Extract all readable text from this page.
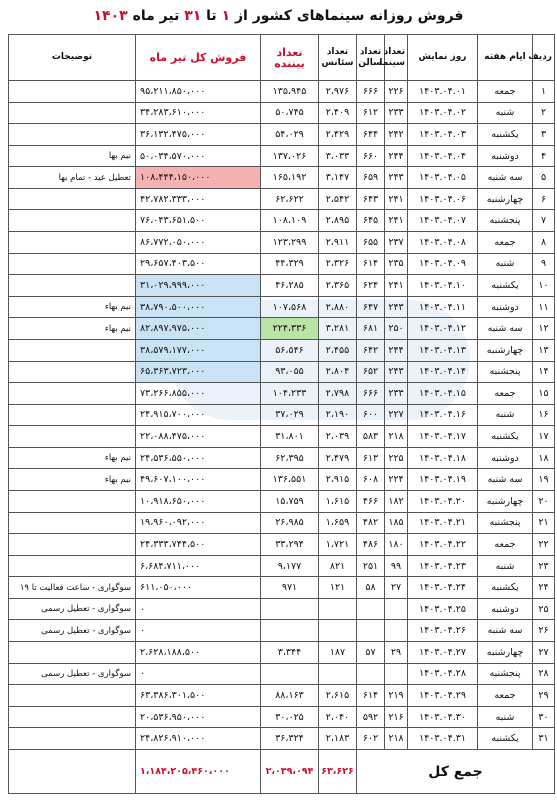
فروش روزانه سینماهای کشور از ۱ تا ۳۱ تیر ماه ۱۴۰۳
ردیف	ایام هفته	روز نمایش	تعداد سینما	تعداد سالن	تعداد سئانس	تعداد بیننده	فروش کل تیر ماه	توضیحات
۱	جمعه	۱۴۰۳.۰۴.۰۱	۲۲۶	۶۶۶	۲،۹۷۶	۱۳۵،۹۴۵	۹۵،۲۱۱،۸۵۰،۰۰۰	
۲	شنبه	۱۴۰۳.۰۴.۰۲	۲۳۳	۶۱۲	۲،۴۰۹	۵۰،۷۴۵	۳۴،۲۸۳،۶۱۰،۰۰۰	
۳	یکشنبه	۱۴۰۳.۰۴.۰۳	۲۴۲	۶۴۴	۲،۴۲۹	۵۴،۰۲۹	۳۶،۱۳۲،۴۷۵،۰۰۰	
۴	دوشنبه	۱۴۰۳.۰۴.۰۴	۲۴۴	۶۶۰	۳،۰۳۳	۱۳۷،۰۲۶	۵۰،۰۳۴،۵۷۰،۰۰۰	نیم بها
۵	سه شنبه	۱۴۰۳.۰۴.۰۵	۲۴۳	۶۵۹	۳،۱۴۷	۱۶۵،۱۹۲	۱۰۸،۴۴۴،۱۵۰،۰۰۰	تعطیل عید - تمام بها
۶	چهارشنبه	۱۴۰۳.۰۴.۰۶	۲۴۱	۶۴۳	۲،۵۴۲	۶۲،۶۲۲	۴۲،۷۸۲،۳۳۳،۰۰۰	
۷	پنجشنبه	۱۴۰۳.۰۴.۰۷	۲۴۱	۶۴۵	۲،۸۹۵	۱۰۸،۱۰۹	۷۶،۰۴۳،۶۵۱،۵۰۰	
۸	جمعه	۱۴۰۳.۰۴.۰۸	۲۳۷	۶۵۵	۲،۹۱۱	۱۲۳،۲۹۹	۸۶،۷۷۲،۰۵۰،۰۰۰	
۹	شنبه	۱۴۰۳.۰۴.۰۹	۲۳۵	۶۱۴	۲،۳۲۶	۴۴،۳۲۹	۲۹،۶۵۷،۴۰۳،۵۰۰	
۱۰	یکشنبه	۱۴۰۳.۰۴.۱۰	۲۴۱	۶۲۴	۲،۳۶۵	۴۶،۲۸۵	۳۱،۰۲۹،۹۹۹،۰۰۰	
۱۱	دوشنبه	۱۴۰۳.۰۴.۱۱	۲۴۳	۶۴۷	۲،۸۸۰	۱۰۷،۵۶۸	۳۸،۷۹۰،۵۰۰،۰۰۰	نیم بهاء
۱۲	سه شنبه	۱۴۰۳.۰۴.۱۲	۲۵۰	۶۸۱	۳،۲۸۱	۲۲۴،۳۳۶	۸۲،۸۹۷،۹۷۵،۰۰۰	نیم بهاء
۱۳	چهارشنبه	۱۴۰۳.۰۴.۱۳	۲۴۴	۶۴۲	۲،۴۵۵	۵۶،۵۴۶	۳۸،۵۷۹،۱۷۷،۰۰۰	
۱۴	پنجشنبه	۱۴۰۳.۰۴.۱۴	۲۴۳	۶۵۲	۲،۸۰۴	۹۳،۰۵۵	۶۵،۳۶۳،۷۲۳،۰۰۰	
۱۵	جمعه	۱۴۰۳.۰۴.۱۵	۲۳۳	۶۶۶	۲،۷۹۸	۱۰۴،۲۳۳	۷۳،۲۶۶،۸۵۵،۰۰۰	
۱۶	شنبه	۱۴۰۳.۰۴.۱۶	۲۲۷	۶۰۰	۲،۱۹۰	۳۷،۰۲۹	۲۴،۹۱۵،۷۰۰،۰۰۰	
۱۷	یکشنبه	۱۴۰۳.۰۴.۱۷	۲۱۸	۵۸۳	۲،۰۳۹	۳۱،۸۰۱	۲۲،۰۸۸،۴۷۵،۰۰۰	
۱۸	دوشنبه	۱۴۰۳.۰۴.۱۸	۲۲۵	۶۱۳	۲،۴۷۹	۶۲،۳۹۵	۲۴،۵۳۶،۵۵۰،۰۰۰	نیم بهاء
۱۹	سه شنبه	۱۴۰۳.۰۴.۱۹	۲۲۴	۶۰۸	۲،۹۱۵	۱۳۶،۵۵۱	۴۹،۶۰۷،۱۰۰،۰۰۰	نیم بهاء
۲۰	چهارشنبه	۱۴۰۳.۰۴.۲۰	۱۸۲	۴۶۶	۱،۶۱۵	۱۵،۷۵۹	۱۰،۹۱۸،۶۵۰،۰۰۰	
۲۱	پنجشنبه	۱۴۰۳.۰۴.۲۱	۱۸۵	۴۸۲	۱،۶۵۹	۲۶،۹۸۵	۱۹،۹۶۰،۰۹۲،۰۰۰	
۲۲	جمعه	۱۴۰۳.۰۴.۲۲	۱۸۰	۴۸۶	۱،۷۲۱	۳۳،۲۹۴	۲۴،۳۳۳،۷۴۴،۵۰۰	
۲۳	شنبه	۱۴۰۳.۰۴.۲۳	۹۹	۲۵۱	۸۲۱	۹،۱۷۷	۶،۶۸۴،۷۱۱،۰۰۰	
۲۴	یکشنبه	۱۴۰۳.۰۴.۲۴	۲۷	۵۸	۱۲۱	۹۷۱	۶۱۱،۰۵۰،۰۰۰	سوگواری - ساعت فعالیت تا ۱۹
۲۵	دوشنبه	۱۴۰۳.۰۴.۲۵					۰	سوگواری - تعطیل رسمی
۲۶	سه شنبه	۱۴۰۳.۰۴.۲۶					۰	سوگواری - تعطیل رسمی
۲۷	چهارشنبه	۱۴۰۳.۰۴.۲۷	۲۹	۵۷	۱۸۷	۳،۳۴۴	۲،۶۲۸،۱۸۸،۵۰۰	
۲۸	پنجشنبه	۱۴۰۳.۰۴.۲۸					۰	سوگواری - تعطیل رسمی
۲۹	جمعه	۱۴۰۳.۰۴.۲۹	۲۱۹	۶۱۴	۲،۶۱۵	۸۸،۱۶۳	۶۳،۳۸۶،۳۰۱،۵۰۰	
۳۰	شنبه	۱۴۰۳.۰۴.۳۰	۲۱۶	۵۹۲	۲،۰۴۰	۳۰،۰۲۵	۲۰،۵۳۶،۹۵۰،۰۰۰	
۳۱	یکشنبه	۱۴۰۳.۰۴.۳۱	۲۱۸	۶۰۲	۲،۱۸۳	۳۶،۳۲۴	۲۴،۸۲۶،۹۱۰،۰۰۰	
جمع کل					۶۳،۶۲۶	۲،۰۳۹،۰۹۴	۱،۱۸۴،۲۰۵،۴۶۰،۰۰۰	
